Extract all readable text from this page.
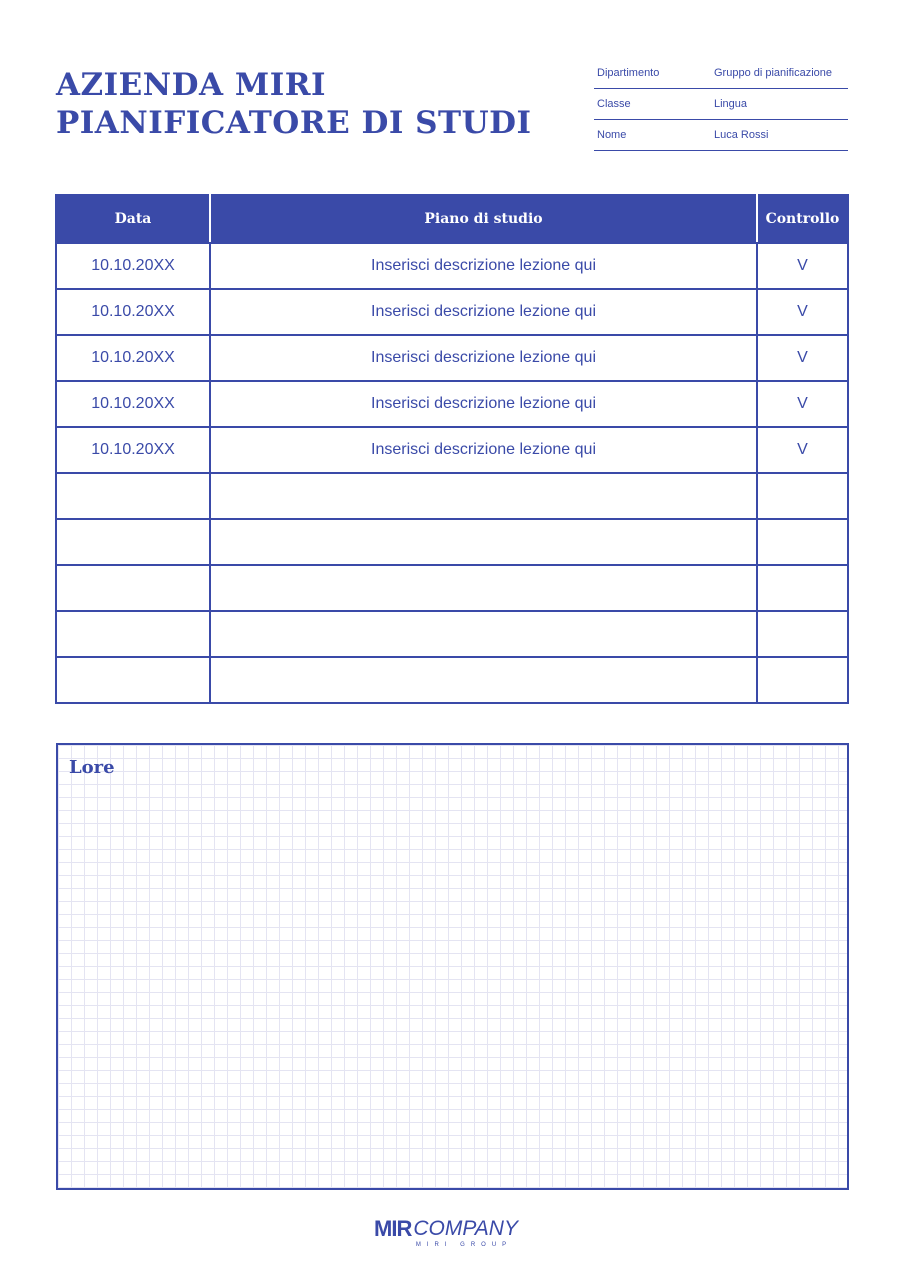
AZIENDA MIRI
PIANIFICATORE DI STUDI
Dipartimento	Gruppo di pianificazione
Classe	Lingua
Nome	Luca Rossi
Data	Piano di studio	Controllo
10.10.20XX	Inserisci descrizione lezione qui	V
10.10.20XX	Inserisci descrizione lezione qui	V
10.10.20XX	Inserisci descrizione lezione qui	V
10.10.20XX	Inserisci descrizione lezione qui	V
10.10.20XX	Inserisci descrizione lezione qui	V

Lore
MIR COMPANY
MIRI GROUP
